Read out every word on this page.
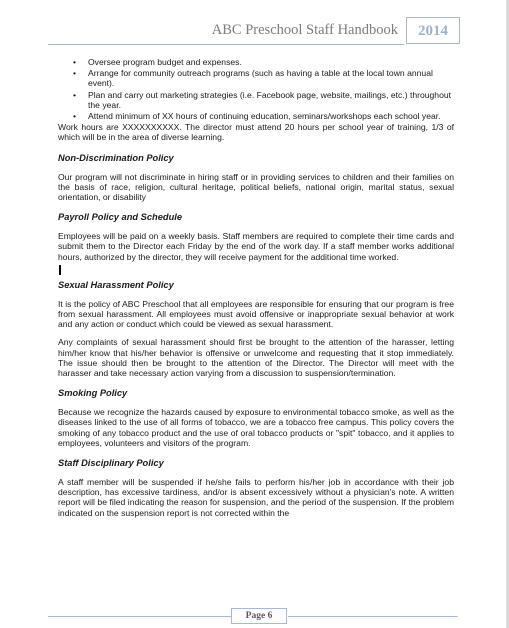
ABC Preschool Staff Handbook	2014
• Oversee program budget and expenses.
• Arrange for community outreach programs (such as having a table at the local town annual event).
• Plan and carry out marketing strategies (i.e. Facebook page, website, mailings, etc.) throughout the year.
• Attend minimum of XX hours of continuing education, seminars/workshops each school year.

Work hours are XXXXXXXXXX. The director must attend 20 hours per school year of training, 1/3 of which will be in the area of diverse learning.

Non-Discrimination Policy

Our program will not discriminate in hiring staff or in providing services to children and their families on the basis of race, religion, cultural heritage, political beliefs, national origin, marital status, sexual orientation, or disability

Payroll Policy and Schedule

Employees will be paid on a weekly basis. Staff members are required to complete their time cards and submit them to the Director each Friday by the end of the work day. If a staff member works additional hours, authorized by the director, they will receive payment for the additional time worked.

Sexual Harassment Policy

It is the policy of ABC Preschool that all employees are responsible for ensuring that our program is free from sexual harassment. All employees must avoid offensive or inappropriate sexual behavior at work and any action or conduct which could be viewed as sexual harassment.

Any complaints of sexual harassment should first be brought to the attention of the harasser, letting him/her know that his/her behavior is offensive or unwelcome and requesting that it stop immediately. The issue should then be brought to the attention of the Director. The Director will meet with the harasser and take necessary action varying from a discussion to suspension/termination.

Smoking Policy

Because we recognize the hazards caused by exposure to environmental tobacco smoke, as well as the diseases linked to the use of all forms of tobacco, we are a tobacco free campus. This policy covers the smoking of any tobacco product and the use of oral tobacco products or "spit" tobacco, and it applies to employees, volunteers and visitors of the program.

Staff Disciplinary Policy

A staff member will be suspended if he/she fails to perform his/her job in accordance with their job description, has excessive tardiness, and/or is absent excessively without a physician's note. A written report will be filed indicating the reason for suspension, and the period of the suspension. If the problem indicated on the suspension report is not corrected within the

Page 6
